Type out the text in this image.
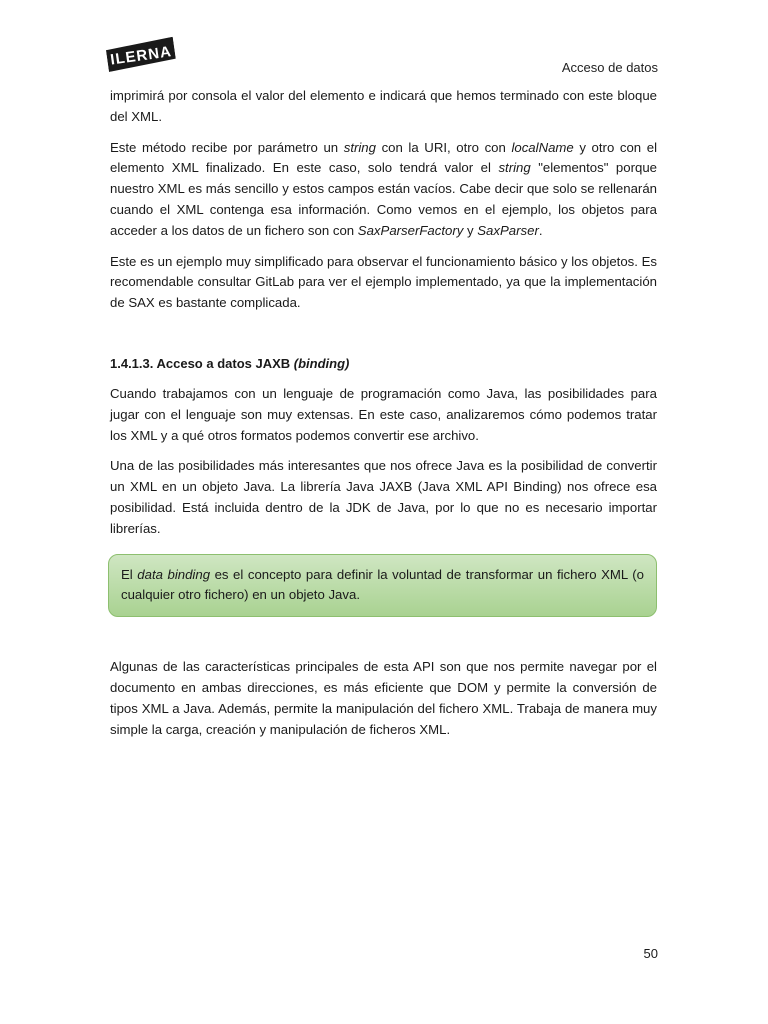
ILERNA	Acceso de datos

imprimirá por consola el valor del elemento e indicará que hemos terminado con este bloque del XML.

Este método recibe por parámetro un string con la URI, otro con localName y otro con el elemento XML finalizado. En este caso, solo tendrá valor el string "elementos" porque nuestro XML es más sencillo y estos campos están vacíos. Cabe decir que solo se rellenarán cuando el XML contenga esa información. Como vemos en el ejemplo, los objetos para acceder a los datos de un fichero son con SaxParserFactory y SaxParser.

Este es un ejemplo muy simplificado para observar el funcionamiento básico y los objetos. Es recomendable consultar GitLab para ver el ejemplo implementado, ya que la implementación de SAX es bastante complicada.

1.4.1.3. Acceso a datos JAXB (binding)

Cuando trabajamos con un lenguaje de programación como Java, las posibilidades para jugar con el lenguaje son muy extensas. En este caso, analizaremos cómo podemos tratar los XML y a qué otros formatos podemos convertir ese archivo.

Una de las posibilidades más interesantes que nos ofrece Java es la posibilidad de convertir un XML en un objeto Java. La librería Java JAXB (Java XML API Binding) nos ofrece esa posibilidad. Está incluida dentro de la JDK de Java, por lo que no es necesario importar librerías.

El data binding es el concepto para definir la voluntad de transformar un fichero XML (o cualquier otro fichero) en un objeto Java.

Algunas de las características principales de esta API son que nos permite navegar por el documento en ambas direcciones, es más eficiente que DOM y permite la conversión de tipos XML a Java. Además, permite la manipulación del fichero XML. Trabaja de manera muy simple la carga, creación y manipulación de ficheros XML.

50
